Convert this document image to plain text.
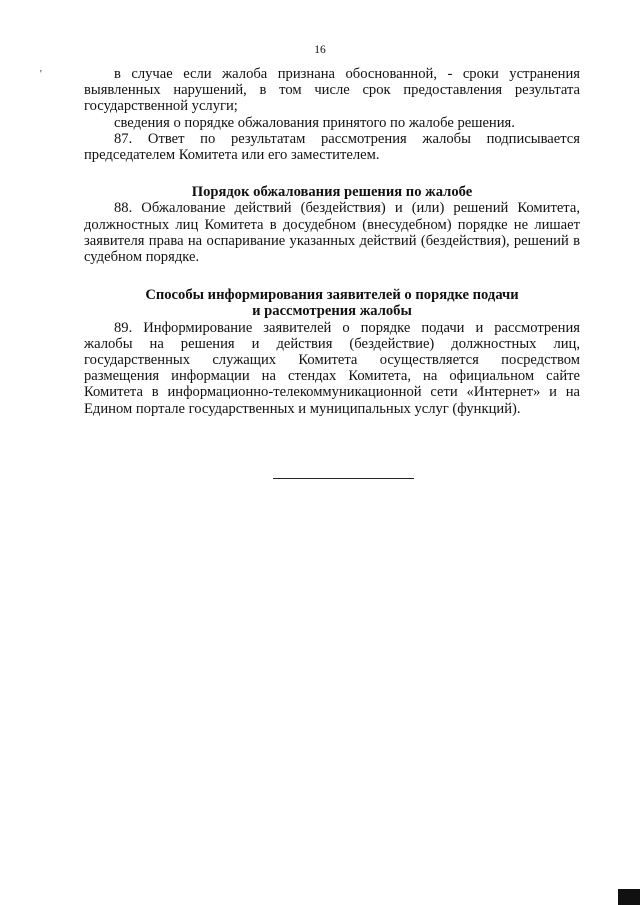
16
'	в случае если жалоба признана обоснованной, - сроки устранения выявленных нарушений, в том числе срок предоставления результата государственной услуги;

сведения о порядке обжалования принятого по жалобе решения.

87. Ответ по результатам рассмотрения жалобы подписывается председателем Комитета или его заместителем.

Порядок обжалования решения по жалобе

88. Обжалование действий (бездействия) и (или) решений Комитета, должностных лиц Комитета в досудебном (внесудебном) порядке не лишает заявителя права на оспаривание указанных действий (бездействия), решений в судебном порядке.

Способы информирования заявителей о порядке подачи

и рассмотрения жалобы

89. Информирование заявителей о порядке подачи и рассмотрения жалобы на решения и действия (бездействие) должностных лиц, государственных служащих Комитета осуществляется посредством размещения информации на стендах Комитета, на официальном сайте Комитета в информационно-телекоммуникационной сети «Интернет» и на Едином портале государственных и муниципальных услуг (функций).
